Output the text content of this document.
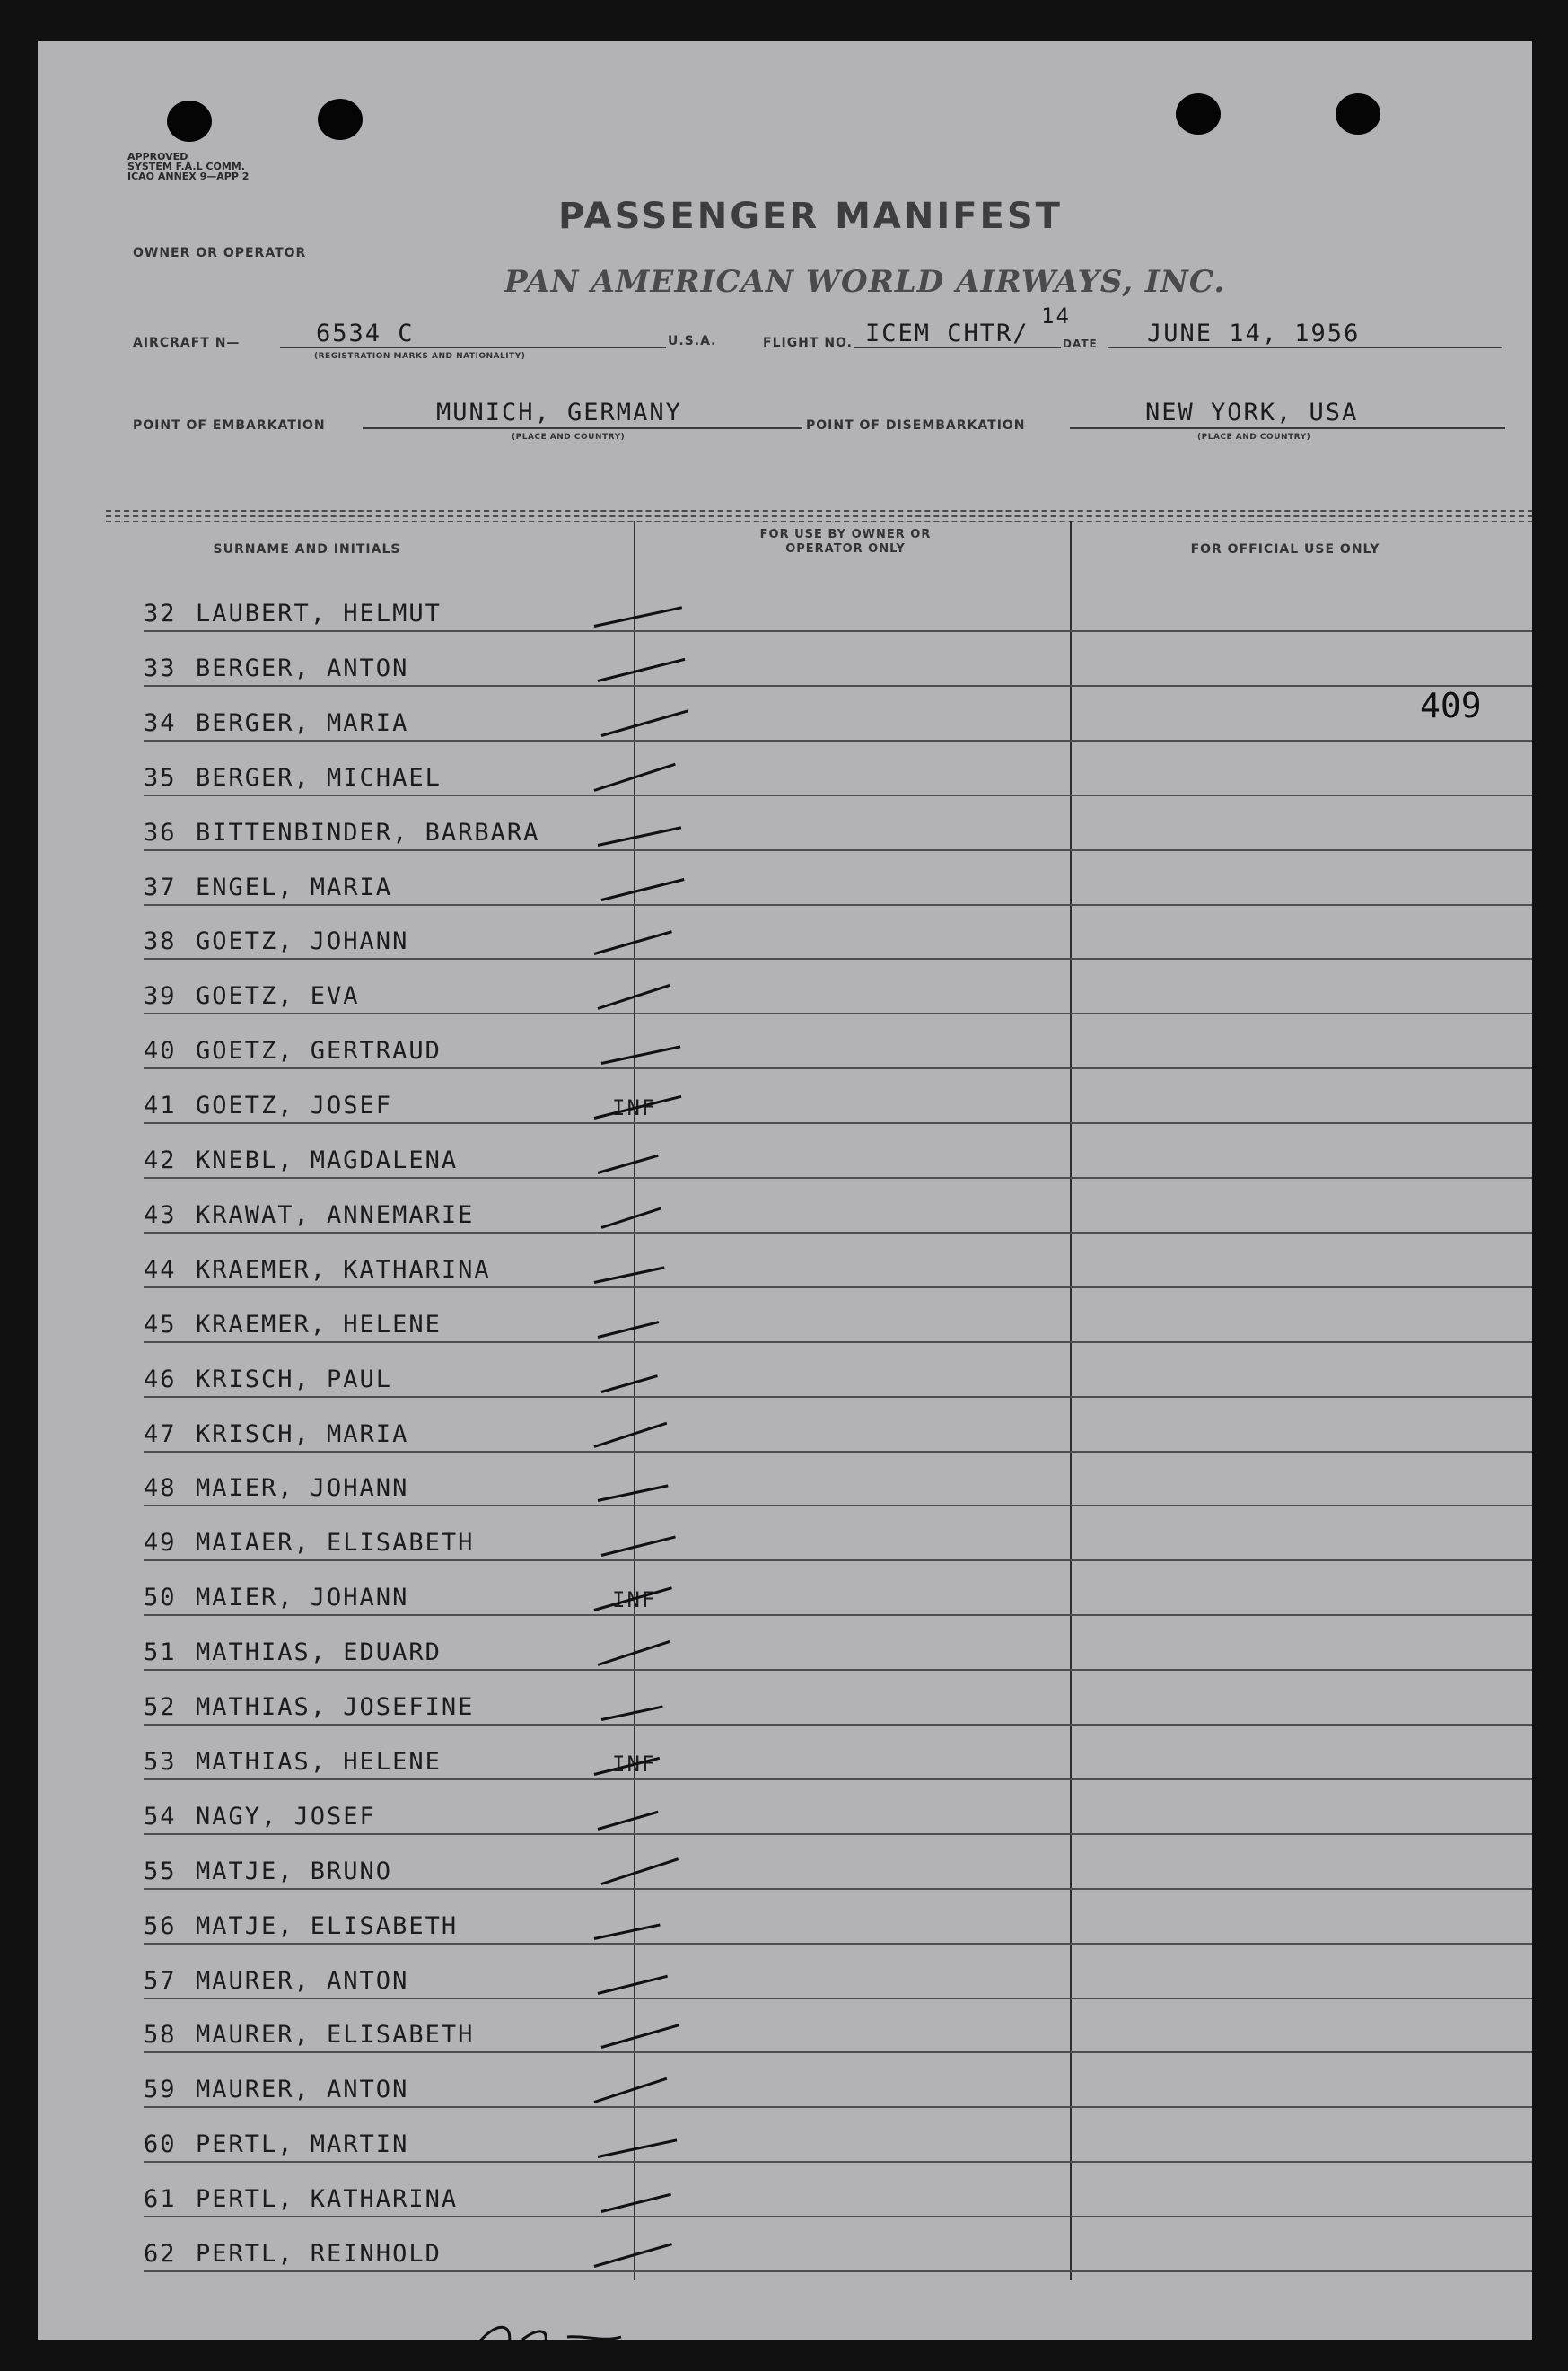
APPROVED
SYSTEM F.A.L COMM.
ICAO ANNEX 9—APP 2
PASSENGER MANIFEST
OWNER OR OPERATOR
PAN AMERICAN WORLD AIRWAYS, INC.
AIRCRAFT N—	6534 C
(REGISTRATION MARKS AND NATIONALITY)
U.S.A.	FLIGHT NO. ICEM CHTR/
14
DATE JUNE 14, 1956
POINT OF EMBARKATION	MUNICH, GERMANY
(PLACE AND COUNTRY)
POINT OF DISEMBARKATION	NEW YORK, USA
(PLACE AND COUNTRY)
SURNAME AND INITIALS
FOR USE BY OWNER OR OPERATOR ONLY	FOR OFFICIAL USE ONLY
409
32 LAUBERT, HELMUT
33 BERGER, ANTON
34 BERGER, MARIA
35 BERGER, MICHAEL
36 BITTENBINDER, BARBARA
37 ENGEL, MARIA
38 GOETZ, JOHANN
39 GOETZ, EVA
40 GOETZ, GERTRAUD
41 GOETZ, JOSEF	INF
42 KNEBL, MAGDALENA
43 KRAWAT, ANNEMARIE
44 KRAEMER, KATHARINA
45 KRAEMER, HELENE
46 KRISCH, PAUL
47 KRISCH, MARIA
48 MAIER, JOHANN
49 MAIAER, ELISABETH
50 MAIER, JOHANN	INF
51 MATHIAS, EDUARD
52 MATHIAS, JOSEFINE
53 MATHIAS, HELENE	INF
54 NAGY, JOSEF
55 MATJE, BRUNO
56 MATJE, ELISABETH
57 MAURER, ANTON
58 MAURER, ELISABETH
59 MAURER, ANTON
60 PERTL, MARTIN
61 PERTL, KATHARINA
62 PERTL, REINHOLD
